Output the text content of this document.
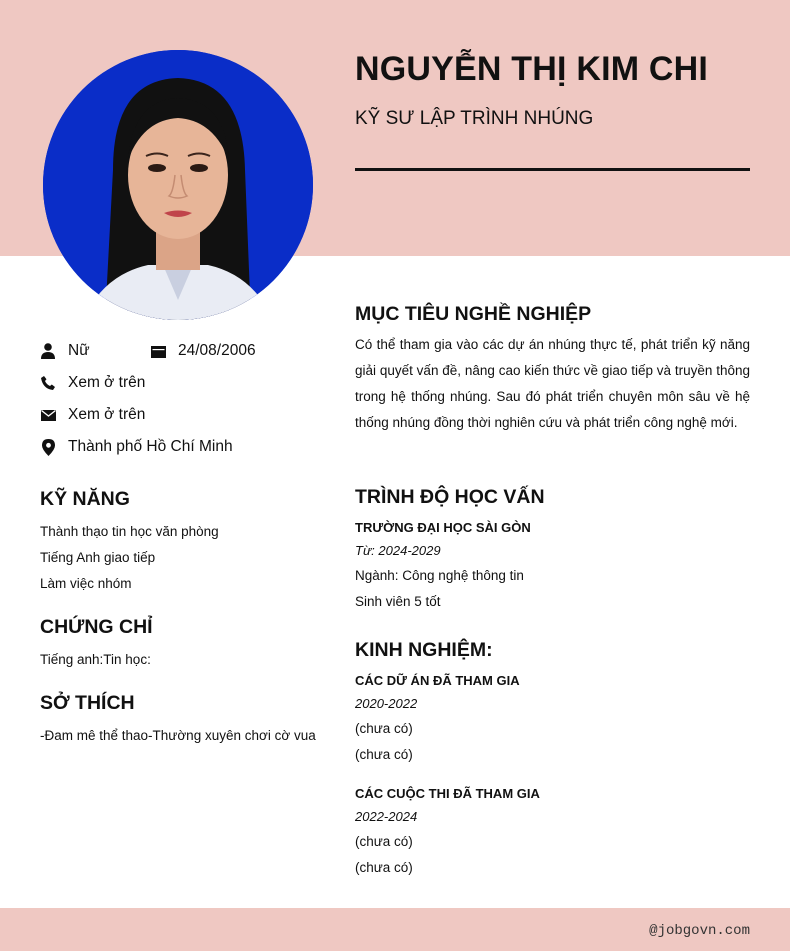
NGUYỄN THỊ KIM CHI
KỸ SƯ LẬP TRÌNH NHÚNG
Nữ	24/08/2006
Xem ở trên
Xem ở trên
Thành phố Hồ Chí Minh
KỸ NĂNG
Thành thạo tin học văn phòng
Tiếng Anh giao tiếp
Làm việc nhóm
CHỨNG CHỈ
Tiếng anh:Tin học:
SỞ THÍCH
-Đam mê thể thao-Thường xuyên chơi cờ vua
MỤC TIÊU NGHỀ NGHIỆP
Có thể tham gia vào các dự án nhúng thực tế, phát triển kỹ năng giải quyết vấn đề, nâng cao kiến thức về giao tiếp và truyền thông trong hệ thống nhúng. Sau đó phát triển chuyên môn sâu về hệ thống nhúng đồng thời nghiên cứu và phát triển công nghệ mới.
TRÌNH ĐỘ HỌC VẤN
TRƯỜNG ĐẠI HỌC SÀI GÒN
Từ: 2024-2029
Ngành: Công nghệ thông tin
Sinh viên 5 tốt
KINH NGHIỆM:
CÁC DỮ ÁN ĐÃ THAM GIA
2020-2022
(chưa có)
(chưa có)
CÁC CUỘC THI ĐÃ THAM GIA
2022-2024
(chưa có)
(chưa có)
@jobgovn.com
